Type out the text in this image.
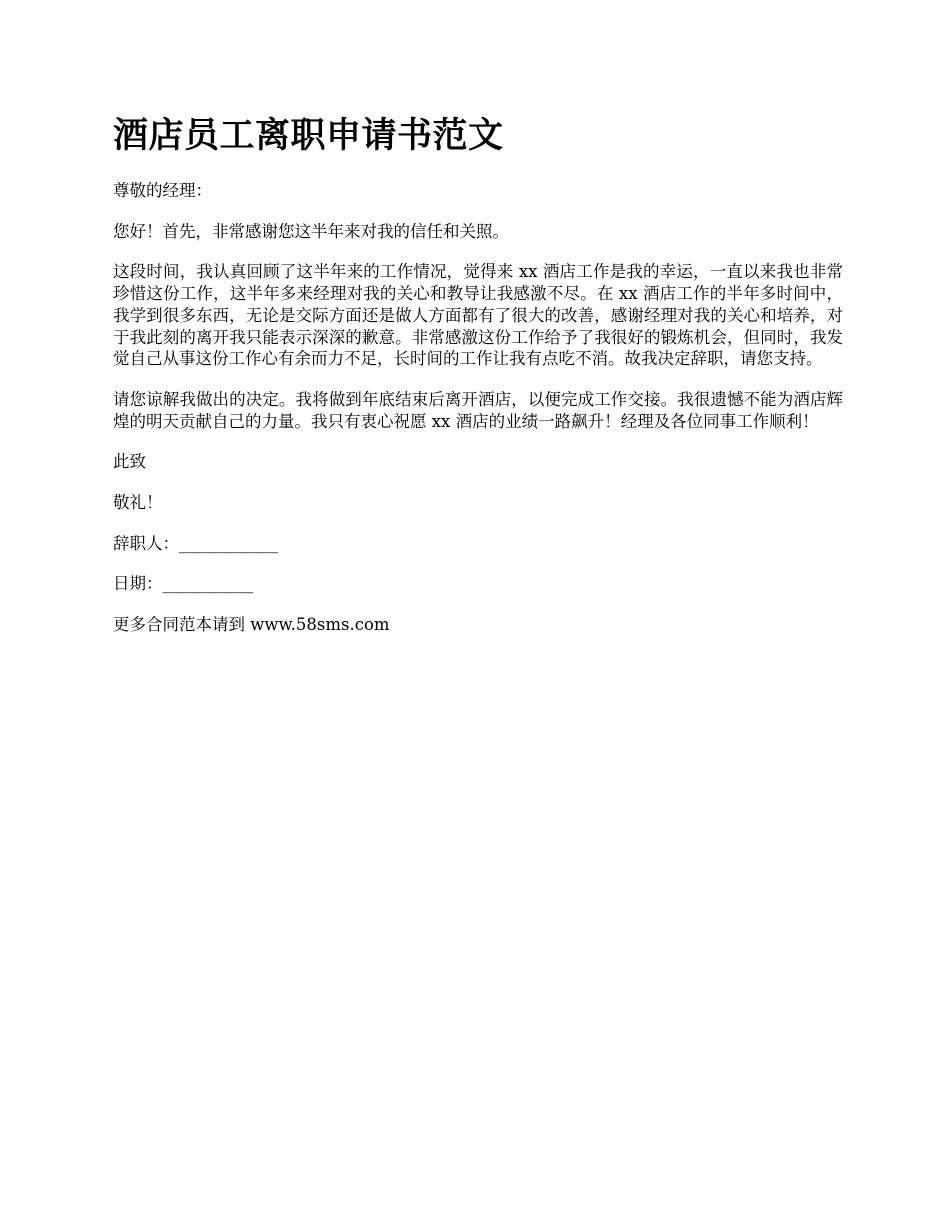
酒店员工离职申请书范文

尊敬的经理：

您好！首先，非常感谢您这半年来对我的信任和关照。

这段时间，我认真回顾了这半年来的工作情况，觉得来 xx 酒店工作是我的幸运，一直以来我也非常珍惜这份工作，这半年多来经理对我的关心和教导让我感激不尽。在 xx 酒店工作的半年多时间中，我学到很多东西，无论是交际方面还是做人方面都有了很大的改善，感谢经理对我的关心和培养，对于我此刻的离开我只能表示深深的歉意。非常感激这份工作给予了我很好的锻炼机会，但同时，我发觉自己从事这份工作心有余而力不足，长时间的工作让我有点吃不消。故我决定辞职，请您支持。

请您谅解我做出的决定。我将做到年底结束后离开酒店，以便完成工作交接。我很遗憾不能为酒店辉煌的明天贡献自己的力量。我只有衷心祝愿 xx 酒店的业绩一路飙升！经理及各位同事工作顺利！

此致

敬礼！

辞职人：____________

日期：___________

更多合同范本请到 www.58sms.com
